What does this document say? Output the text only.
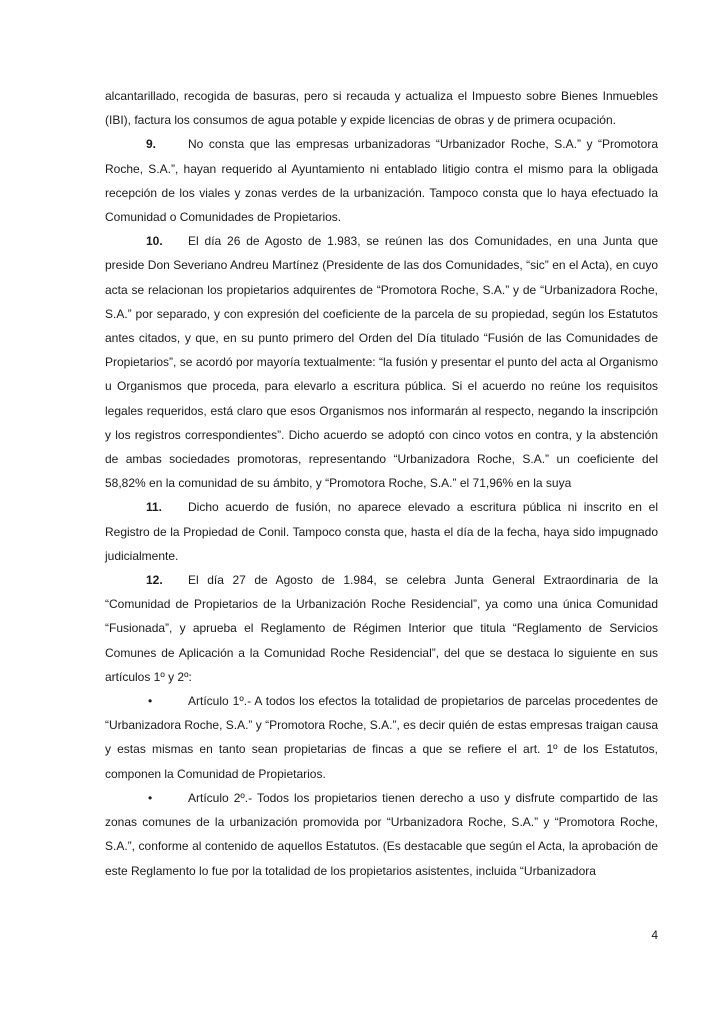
alcantarillado, recogida de basuras, pero si recauda y actualiza el Impuesto sobre Bienes Inmuebles (IBI), factura los consumos de agua potable y expide licencias de obras y de primera ocupación.

9.	No consta que las empresas urbanizadoras “Urbanizador Roche, S.A.” y “Promotora Roche, S.A.”, hayan requerido al Ayuntamiento ni entablado litigio contra el mismo para la obligada recepción de los viales y zonas verdes de la urbanización. Tampoco consta que lo haya efectuado la Comunidad o Comunidades de Propietarios.

10. El día 26 de Agosto de 1.983, se reúnen las dos Comunidades, en una Junta que preside Don Severiano Andreu Martínez (Presidente de las dos Comunidades, “sic” en el Acta), en cuyo acta se relacionan los propietarios adquirentes de “Promotora Roche, S.A.” y de “Urbanizadora Roche, S.A.” por separado, y con expresión del coeficiente de la parcela de su propiedad, según los Estatutos antes citados, y que, en su punto primero del Orden del Día titulado “Fusión de las Comunidades de Propietarios”, se acordó por mayoría textualmente: “la fusión y presentar el punto del acta al Organismo u Organismos que proceda, para elevarlo a escritura pública. Si el acuerdo no reúne los requisitos legales requeridos, está claro que esos Organismos nos informarán al respecto, negando la inscripción y los registros correspondientes”. Dicho acuerdo se adoptó con cinco votos en contra, y la abstención de ambas sociedades promotoras, representando “Urbanizadora Roche, S.A.” un coeficiente del 58,82% en la comunidad de su ámbito, y “Promotora Roche, S.A.” el 71,96% en la suya

11. Dicho acuerdo de fusión, no aparece elevado a escritura pública ni inscrito en el Registro de la Propiedad de Conil. Tampoco consta que, hasta el día de la fecha, haya sido impugnado judicialmente.

12. El día 27 de Agosto de 1.984, se celebra Junta General Extraordinaria de la “Comunidad de Propietarios de la Urbanización Roche Residencial”, ya como una única Comunidad “Fusionada”, y aprueba el Reglamento de Régimen Interior que titula “Reglamento de Servicios Comunes de Aplicación a la Comunidad Roche Residencial”, del que se destaca lo siguiente en sus artículos 1º y 2º:

•	Artículo 1º.- A todos los efectos la totalidad de propietarios de parcelas procedentes de “Urbanizadora Roche, S.A.” y “Promotora Roche, S.A.”, es decir quién de estas empresas traigan causa y estas mismas en tanto sean propietarias de fincas a que se refiere el art. 1º de los Estatutos, componen la Comunidad de Propietarios.

•	Artículo 2º.- Todos los propietarios tienen derecho a uso y disfrute compartido de las zonas comunes de la urbanización promovida por “Urbanizadora Roche, S.A.” y “Promotora Roche, S.A.”, conforme al contenido de aquellos Estatutos. (Es destacable que según el Acta, la aprobación de este Reglamento lo fue por la totalidad de los propietarios asistentes, incluida “Urbanizadora

4
